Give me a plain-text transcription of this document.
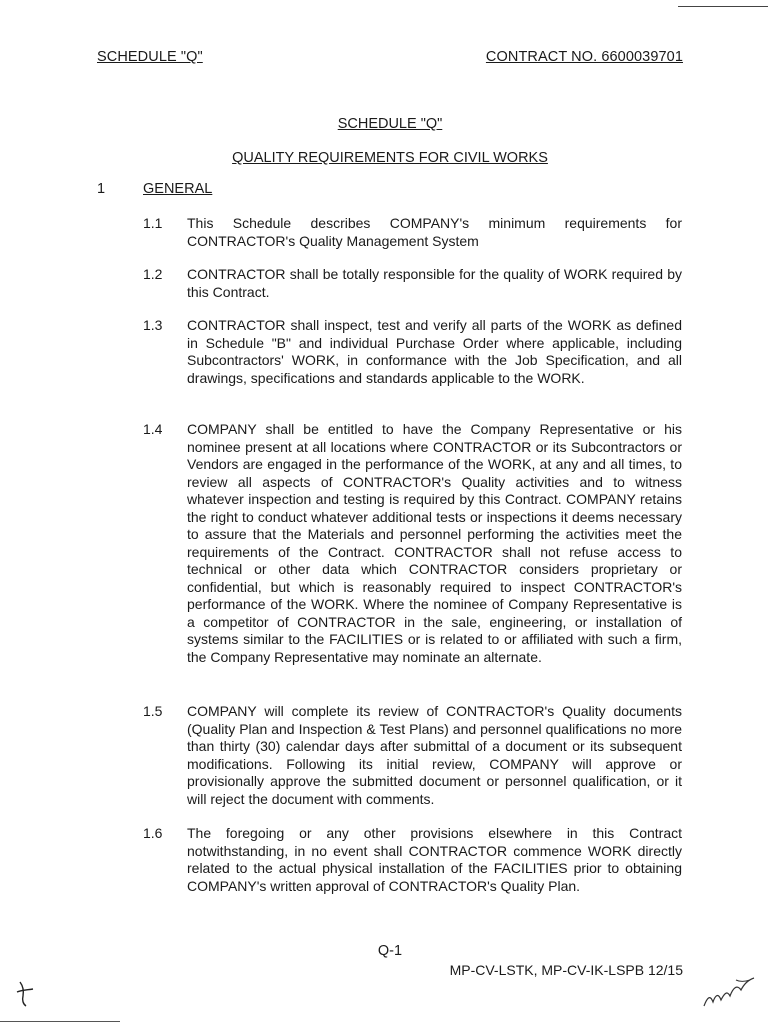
SCHEDULE "Q"	CONTRACT NO. 6600039701
SCHEDULE "Q"
QUALITY REQUIREMENTS FOR CIVIL WORKS
1	GENERAL
1.1	This Schedule describes COMPANY's minimum requirements for CONTRACTOR's Quality Management System
1.2	CONTRACTOR shall be totally responsible for the quality of WORK required by this Contract.
1.3	CONTRACTOR shall inspect, test and verify all parts of the WORK as defined in Schedule "B" and individual Purchase Order where applicable, including Subcontractors' WORK, in conformance with the Job Specification, and all drawings, specifications and standards applicable to the WORK.
1.4	COMPANY shall be entitled to have the Company Representative or his nominee present at all locations where CONTRACTOR or its Subcontractors or Vendors are engaged in the performance of the WORK, at any and all times, to review all aspects of CONTRACTOR's Quality activities and to witness whatever inspection and testing is required by this Contract. COMPANY retains the right to conduct whatever additional tests or inspections it deems necessary to assure that the Materials and personnel performing the activities meet the requirements of the Contract. CONTRACTOR shall not refuse access to technical or other data which CONTRACTOR considers proprietary or confidential, but which is reasonably required to inspect CONTRACTOR's performance of the WORK. Where the nominee of Company Representative is a competitor of CONTRACTOR in the sale, engineering, or installation of systems similar to the FACILITIES or is related to or affiliated with such a firm, the Company Representative may nominate an alternate.
1.5	COMPANY will complete its review of CONTRACTOR's Quality documents (Quality Plan and Inspection & Test Plans) and personnel qualifications no more than thirty (30) calendar days after submittal of a document or its subsequent modifications. Following its initial review, COMPANY will approve or provisionally approve the submitted document or personnel qualification, or it will reject the document with comments.
1.6	The foregoing or any other provisions elsewhere in this Contract notwithstanding, in no event shall CONTRACTOR commence WORK directly related to the actual physical installation of the FACILITIES prior to obtaining COMPANY's written approval of CONTRACTOR's Quality Plan.
Q-1
MP-CV-LSTK, MP-CV-IK-LSPB 12/15
